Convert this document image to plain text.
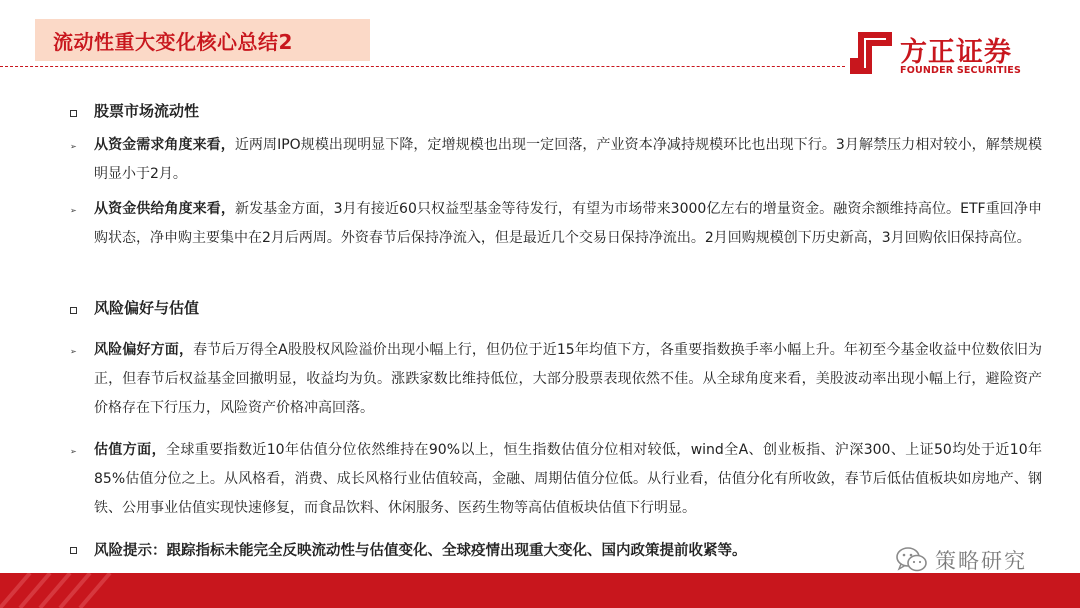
流动性重大变化核心总结2	方正证券
FOUNDER SECURITIES
股票市场流动性
➢ 从资金需求角度来看，近两周IPO规模出现明显下降，定增规模也出现一定回落，产业资本净减持规模环比也出现下行。3月解禁压力相对较小，解禁规模明显小于2月。
➢ 从资金供给角度来看，新发基金方面，3月有接近60只权益型基金等待发行，有望为市场带来3000亿左右的增量资金。融资余额维持高位。ETF重回净申购状态，净申购主要集中在2月后两周。外资春节后保持净流入，但是最近几个交易日保持净流出。2月回购规模创下历史新高，3月回购依旧保持高位。
风险偏好与估值
➢ 风险偏好方面，春节后万得全A股股权风险溢价出现小幅上行，但仍位于近15年均值下方，各重要指数换手率小幅上升。年初至今基金收益中位数依旧为正，但春节后权益基金回撤明显，收益均为负。涨跌家数比维持低位，大部分股票表现依然不佳。从全球角度来看，美股波动率出现小幅上行，避险资产价格存在下行压力，风险资产价格冲高回落。
➢ 估值方面，全球重要指数近10年估值分位依然维持在90%以上，恒生指数估值分位相对较低，wind全A、创业板指、沪深300、上证50均处于近10年85%估值分位之上。从风格看，消费、成长风格行业估值较高，金融、周期估值分位低。从行业看，估值分化有所收敛，春节后低估值板块如房地产、钢铁、公用事业估值实现快速修复，而食品饮料、休闲服务、医药生物等高估值板块估值下行明显。
风险提示：跟踪指标未能完全反映流动性与估值变化、全球疫情出现重大变化、国内政策提前收紧等。	策略研究
